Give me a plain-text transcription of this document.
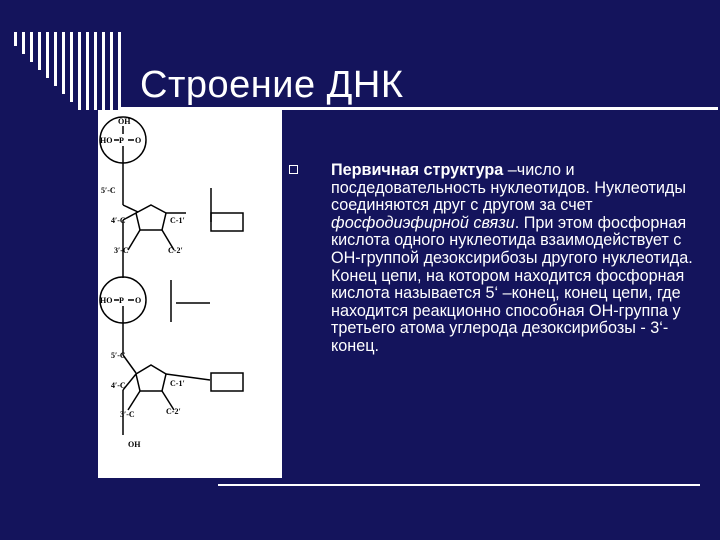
Строение ДНК
OH
HO P O
5′-C
4′-C	C-1′
3′-C	C-2′
HO P O
5′-C
4′-C	C-1′
3′-C	C-2′
OH
Первичная структура –число и посдедовательность нуклеотидов. Нуклеотиды соединяются друг с другом за счет фосфодиэфирной связи. При этом фосфорная кислота одного нуклеотида взаимодействует с ОН-группой дезоксирибозы другого нуклеотида. Конец цепи, на котором находится фосфорная кислота называется 5‘ –конец, конец цепи, где находится реакционно способная ОН-группа у третьего атома углерода дезоксирибозы - 3‘-конец.
